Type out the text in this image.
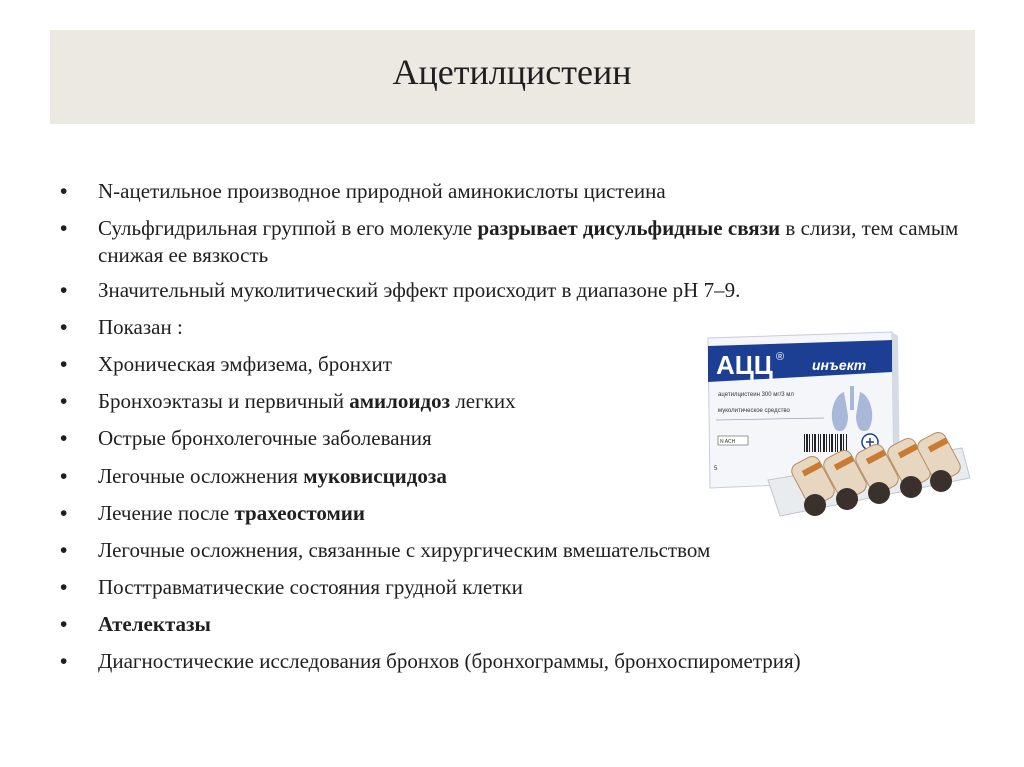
Ацетилцистеин
• N-ацетильное производное природной аминокислоты цистеина
• Сульфгидрильная группой в его молекуле разрывает дисульфидные связи в слизи, тем самым снижая ее вязкость
• Значительный муколитический эффект происходит в диапазоне pH 7–9.
• Показан :
• Хроническая эмфизема, бронхит
• Бронхоэктазы и первичный амилоидоз легких
• Острые бронхолегочные заболевания
• Легочные осложнения муковисцидоза
• Лечение после трахеостомии
• Легочные осложнения, связанные с хирургическим вмешательством
• Посттравматические состояния грудной клетки
• Ателектазы
• Диагностические исследования бронхов (бронхограммы, бронхоспирометрия)
АЦЦ ® инъект
ацетилцистеин 300 мг/3 мл
муколитическое средство
N ACH
5
